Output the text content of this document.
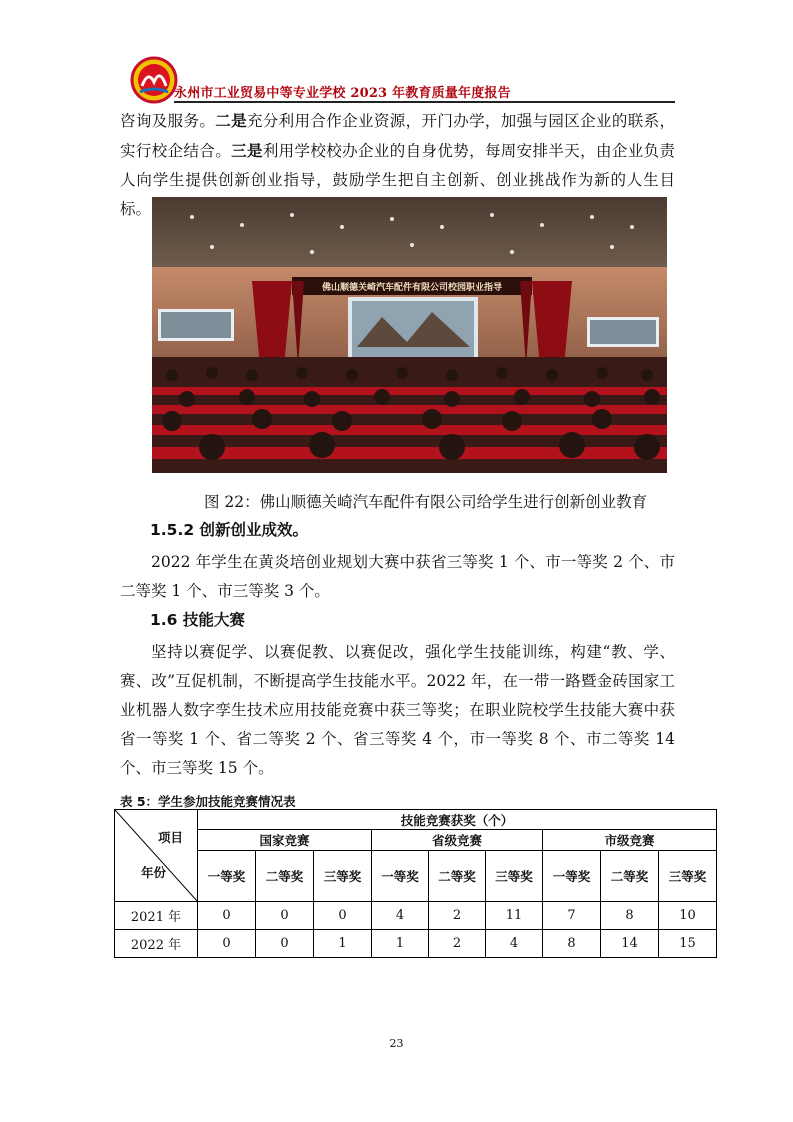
永州市工业贸易中等专业学校 2023 年教育质量年度报告

咨询及服务。二是充分利用合作企业资源，开门办学，加强与园区企业的联系，实行校企结合。三是利用学校校办企业的自身优势，每周安排半天，由企业负责人向学生提供创新创业指导，鼓励学生把自主创新、创业挑战作为新的人生目标。

佛山顺德关崎汽车配件有限公司校园职业指导
图 22：佛山顺德关崎汽车配件有限公司给学生进行创新创业教育
1.5.2 创新创业成效。

2022 年学生在黄炎培创业规划大赛中获省三等奖 1 个、市一等奖 2 个、市二等奖 1 个、市三等奖 3 个。

1.6 技能大赛

坚持以赛促学、以赛促教、以赛促改，强化学生技能训练，构建“教、学、赛、改”互促机制，不断提高学生技能水平。2022 年，在一带一路暨金砖国家工业机器人数字孪生技术应用技能竞赛中获三等奖；在职业院校学生技能大赛中获省一等奖 1 个、省二等奖 2 个、省三等奖 4 个，市一等奖 8 个、市二等奖 14 个、市三等奖 15 个。

表 5：学生参加技能竞赛情况表
项目
年份	技能竞赛获奖（个）								
	国家竞赛			省级竞赛			市级竞赛		
	一等奖	二等奖	三等奖	一等奖	二等奖	三等奖	一等奖	二等奖	三等奖
2021 年	0	0	0	4	2	11	7	8	10
2022 年	0	0	1	1	2	4	8	14	15
23
